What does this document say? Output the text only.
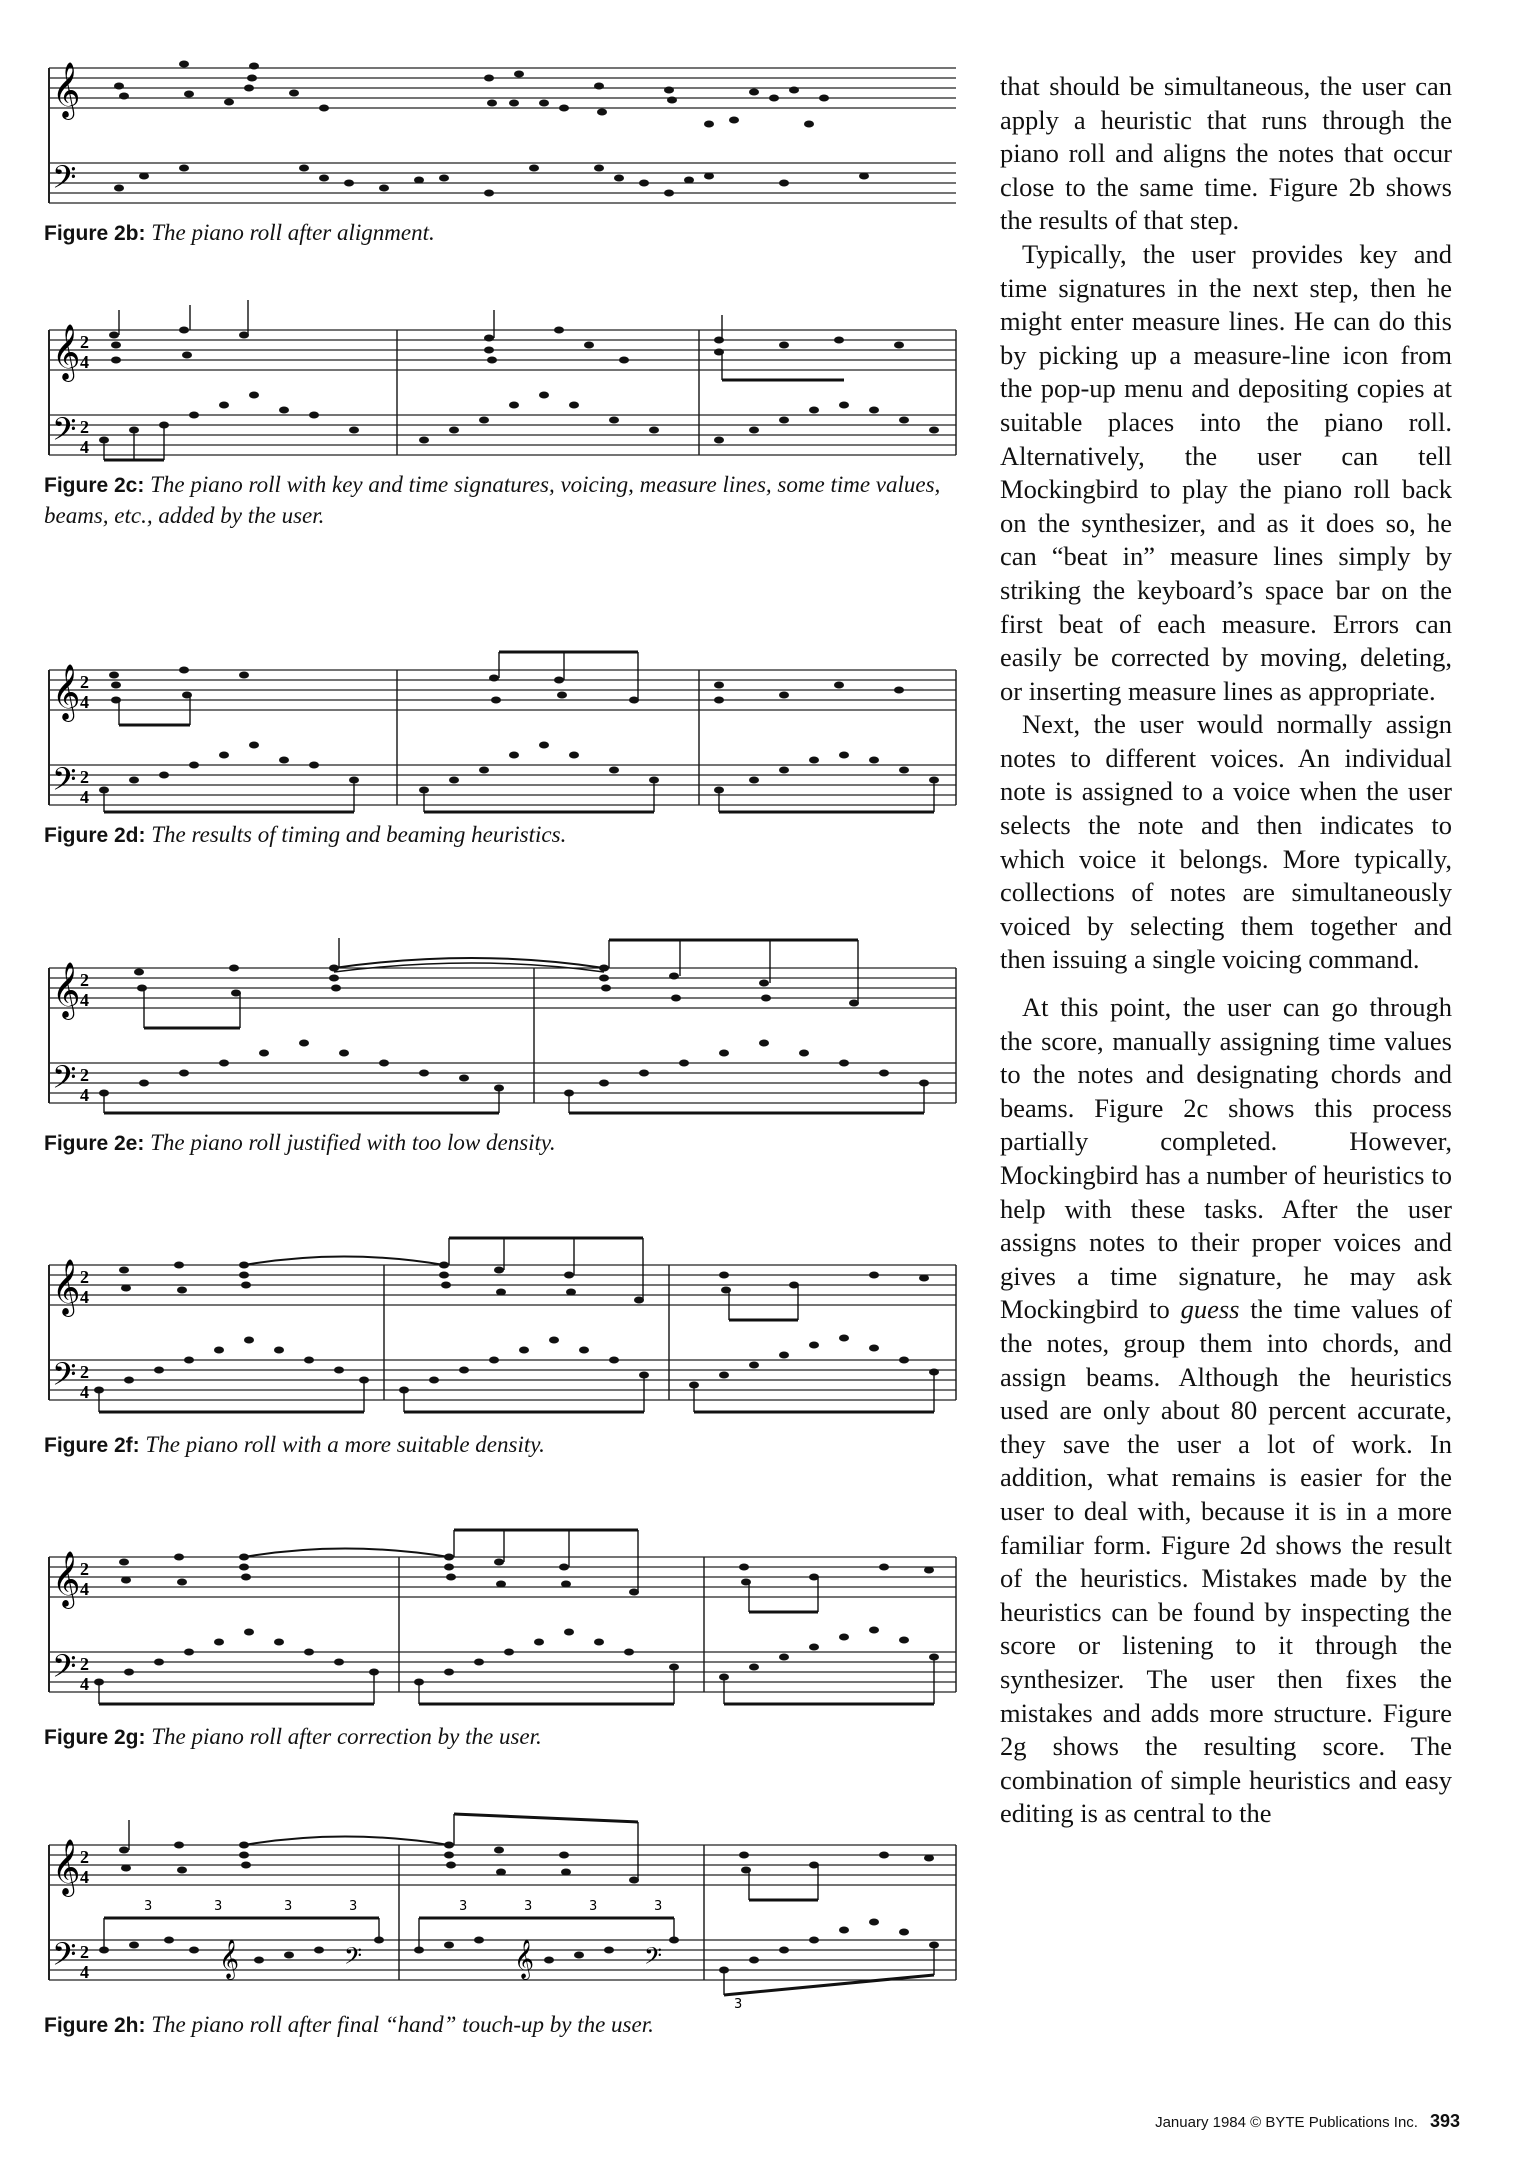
𝄞
𝄢

Figure 2b: The piano roll after alignment.

𝄞
𝄢
2
4
2
4

Figure 2c: The piano roll with key and time signatures, voicing, measure lines, some time values, beams, etc., added by the user.

𝄞
𝄢
2
4
2
4

Figure 2d: The results of timing and beaming heuristics.

𝄞
𝄢
2
4
2
4

Figure 2e: The piano roll justified with too low density.

𝄞
𝄢
2
4
2
4

Figure 2f: The piano roll with a more suitable density.

𝄞
𝄢
2
4
2
4

Figure 2g: The piano roll after correction by the user.

𝄞
𝄢
2
4
2
4	𝄞	𝄢	𝄞	𝄢
3	3	3	3	3	3	3	3
3

Figure 2h: The piano roll after final “hand” touch-up by the user.

that should be simultaneous, the user can apply a heuristic that runs through the piano roll and aligns the notes that occur close to the same time. Figure 2b shows the results of that step.

Typically, the user provides key and time signatures in the next step, then he might enter measure lines. He can do this by picking up a measure-line icon from the pop-up menu and depositing copies at suitable places into the piano roll. Alternatively, the user can tell Mockingbird to play the piano roll back on the synthesizer, and as it does so, he can “beat in” measure lines simply by striking the keyboard’s space bar on the first beat of each measure. Errors can easily be corrected by moving, deleting, or inserting measure lines as appropriate.

Next, the user would normally assign notes to different voices. An individual note is assigned to a voice when the user selects the note and then indicates to which voice it belongs. More typically, collections of notes are simultaneously voiced by selecting them together and then issuing a single voicing command.

At this point, the user can go through the score, manually assigning time values to the notes and designating chords and beams. Figure 2c shows this process partially completed. However, Mockingbird has a number of heuristics to help with these tasks. After the user assigns notes to their proper voices and gives a time signature, he may ask Mockingbird to guess the time values of the notes, group them into chords, and assign beams. Although the heuristics used are only about 80 percent accurate, they save the user a lot of work. In addition, what remains is easier for the user to deal with, because it is in a more familiar form. Figure 2d shows the result of the heuristics. Mistakes made by the heuristics can be found by inspecting the score or listening to it through the synthesizer. The user then fixes the mistakes and adds more structure. Figure 2g shows the resulting score. The combination of simple heuristics and easy editing is as central to the

January 1984 © BYTE Publications Inc. 393
